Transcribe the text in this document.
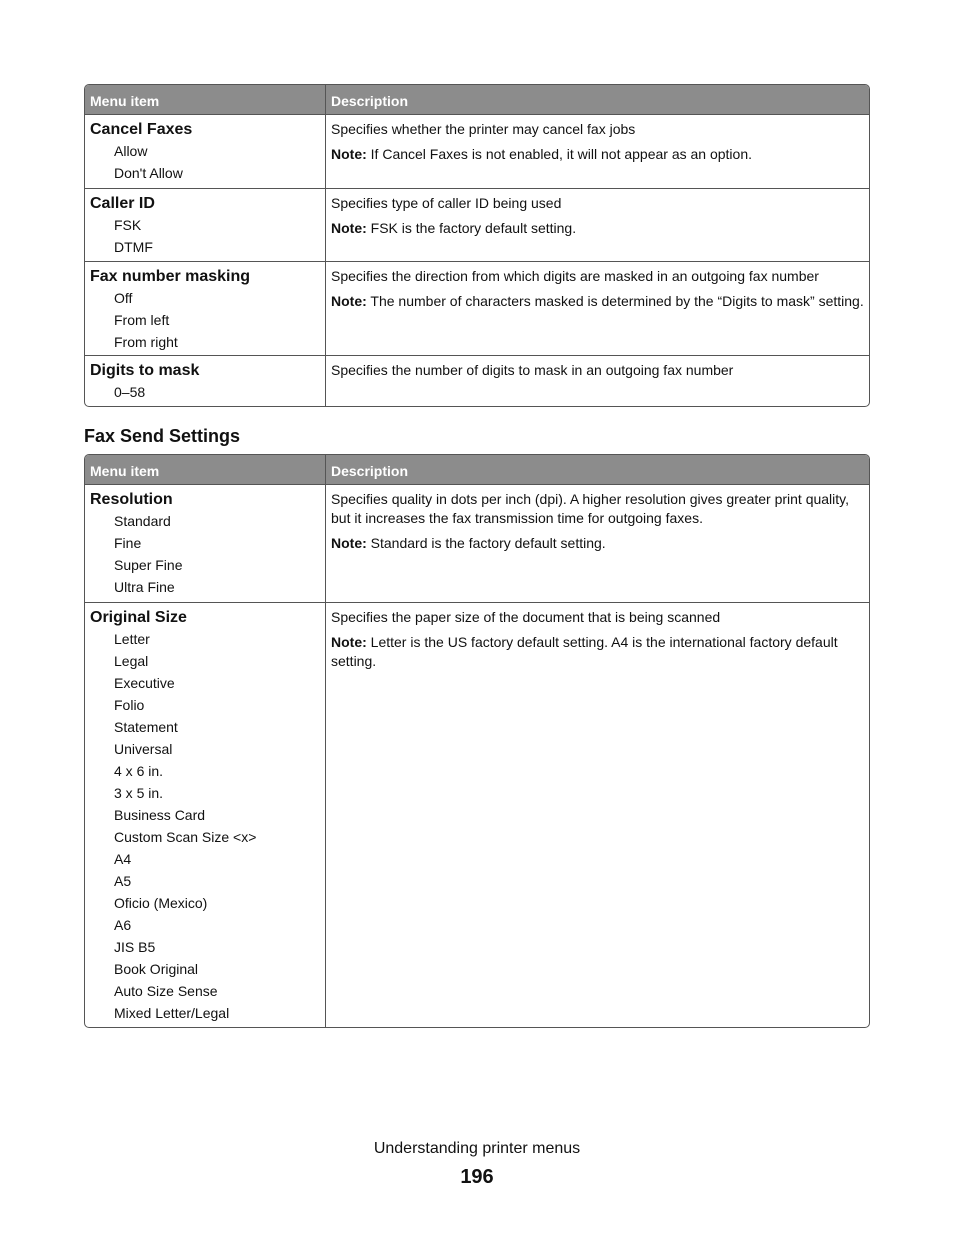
Menu item	Description
Cancel Faxes
Allow
Don't Allow

Specifies whether the printer may cancel fax jobs

Note: If Cancel Faxes is not enabled, it will not appear as an option.

Caller ID
FSK
DTMF

Specifies type of caller ID being used

Note: FSK is the factory default setting.

Fax number masking
Off
From left
From right

Specifies the direction from which digits are masked in an outgoing fax number

Note: The number of characters masked is determined by the “Digits to mask” setting.

Digits to mask
0–58

Specifies the number of digits to mask in an outgoing fax number

Fax Send Settings
Menu item	Description
Resolution
Standard
Fine
Super Fine
Ultra Fine

Specifies quality in dots per inch (dpi). A higher resolution gives greater print quality, but it increases the fax transmission time for outgoing faxes.

Note: Standard is the factory default setting.

Original Size
Letter
Legal
Executive
Folio
Statement
Universal
4 x 6 in.
3 x 5 in.
Business Card
Custom Scan Size <x>
A4
A5
Oficio (Mexico)
A6
JIS B5
Book Original
Auto Size Sense
Mixed Letter/Legal

Specifies the paper size of the document that is being scanned

Note: Letter is the US factory default setting. A4 is the international factory default setting.

Understanding printer menus
196
